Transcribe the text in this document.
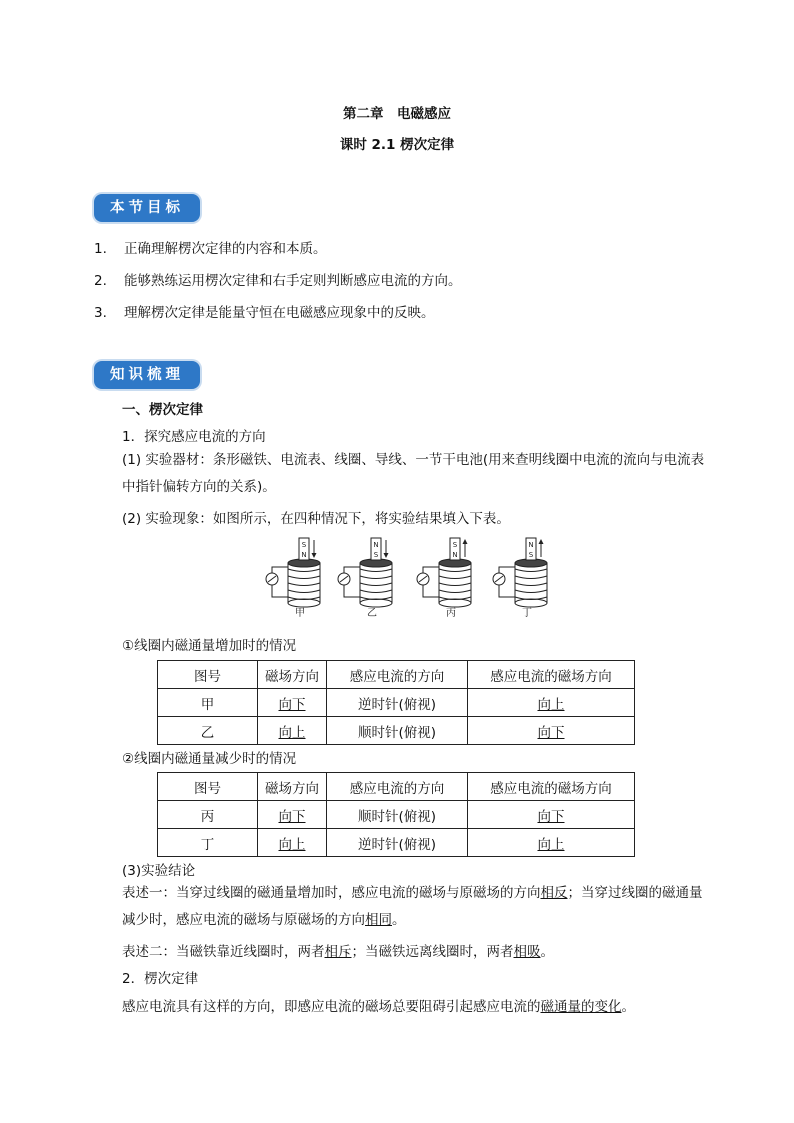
第二章　电磁感应
课时 2.1 楞次定律
本节目标
1. 正确理解楞次定律的内容和本质。
2. 能够熟练运用楞次定律和右手定则判断感应电流的方向。
3. 理解楞次定律是能量守恒在电磁感应现象中的反映。
知识梳理
一、楞次定律
1．探究感应电流的方向
(1) 实验器材：条形磁铁、电流表、线圈、导线、一节干电池(用来查明线圈中电流的流向与电流表中指针偏转方向的关系)。
(2) 实验现象：如图所示，在四种情况下，将实验结果填入下表。
S
N
甲
N
S
乙
S
N
丙
N
S
丁
①线圈内磁通量增加时的情况
图号	磁场方向	感应电流的方向	感应电流的磁场方向
甲	向下	逆时针(俯视)	向上
乙	向上	顺时针(俯视)	向下
②线圈内磁通量减少时的情况
图号	磁场方向	感应电流的方向	感应电流的磁场方向
丙	向下	顺时针(俯视)	向下
丁	向上	逆时针(俯视)	向上
(3)实验结论
表述一：当穿过线圈的磁通量增加时，感应电流的磁场与原磁场的方向相反；当穿过线圈的磁通量减少时，感应电流的磁场与原磁场的方向相同。
表述二：当磁铁靠近线圈时，两者相斥；当磁铁远离线圈时，两者相吸。
2．楞次定律
感应电流具有这样的方向，即感应电流的磁场总要阻碍引起感应电流的磁通量的变化。
